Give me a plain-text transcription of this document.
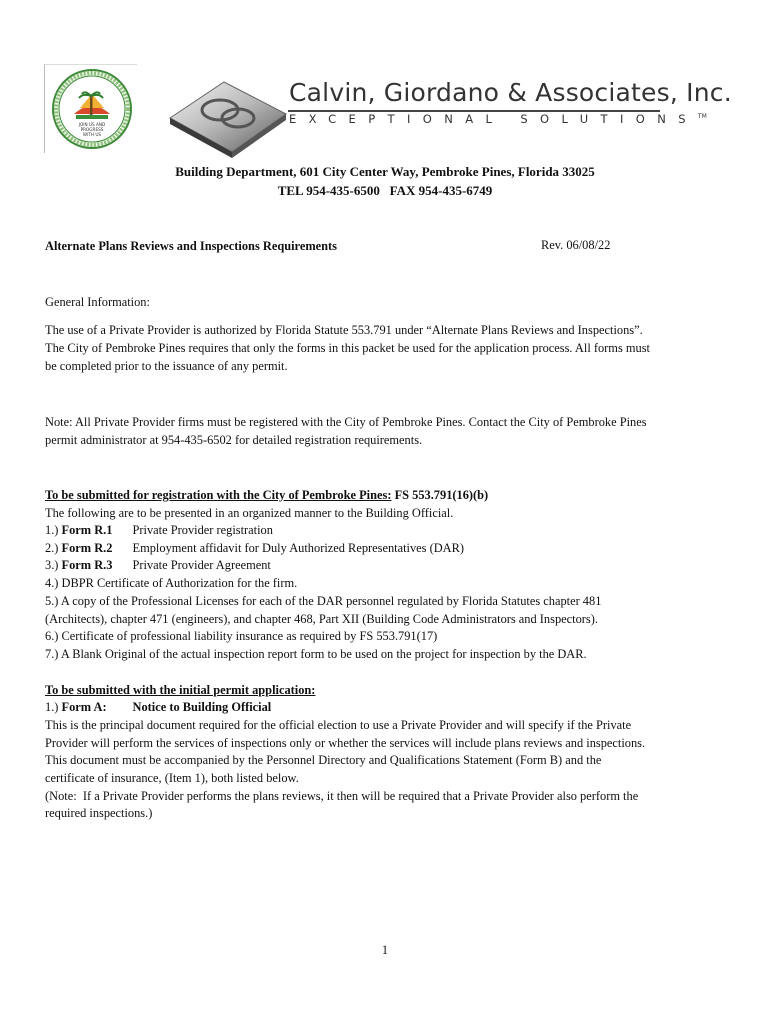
JOIN US AND
PROGRESS
WITH US
Calvin, Giordano & Associates, Inc.
EXCEPTIONAL SOLUTIONS™
Building Department, 601 City Center Way, Pembroke Pines, Florida 33025
TEL 954-435-6500   FAX 954-435-6749
Alternate Plans Reviews and Inspections Requirements	Rev. 06/08/22
General Information:
The use of a Private Provider is authorized by Florida Statute 553.791 under “Alternate Plans Reviews and Inspections”.
The City of Pembroke Pines requires that only the forms in this packet be used for the application process. All forms must
be completed prior to the issuance of any permit.
Note: All Private Provider firms must be registered with the City of Pembroke Pines. Contact the City of Pembroke Pines
permit administrator at 954-435-6502 for detailed registration requirements.
To be submitted for registration with the City of Pembroke Pines: FS 553.791(16)(b)
The following are to be presented in an organized manner to the Building Official.
1.) Form R.1 Private Provider registration
2.) Form R.2 Employment affidavit for Duly Authorized Representatives (DAR)
3.) Form R.3 Private Provider Agreement
4.) DBPR Certificate of Authorization for the firm.
5.) A copy of the Professional Licenses for each of the DAR personnel regulated by Florida Statutes chapter 481
(Architects), chapter 471 (engineers), and chapter 468, Part XII (Building Code Administrators and Inspectors).
6.) Certificate of professional liability insurance as required by FS 553.791(17)
7.) A Blank Original of the actual inspection report form to be used on the project for inspection by the DAR.
To be submitted with the initial permit application:
1.) Form A: Notice to Building Official
This is the principal document required for the official election to use a Private Provider and will specify if the Private
Provider will perform the services of inspections only or whether the services will include plans reviews and inspections.
This document must be accompanied by the Personnel Directory and Qualifications Statement (Form B) and the
certificate of insurance, (Item 1), both listed below.
(Note:  If a Private Provider performs the plans reviews, it then will be required that a Private Provider also perform the
required inspections.)
1
